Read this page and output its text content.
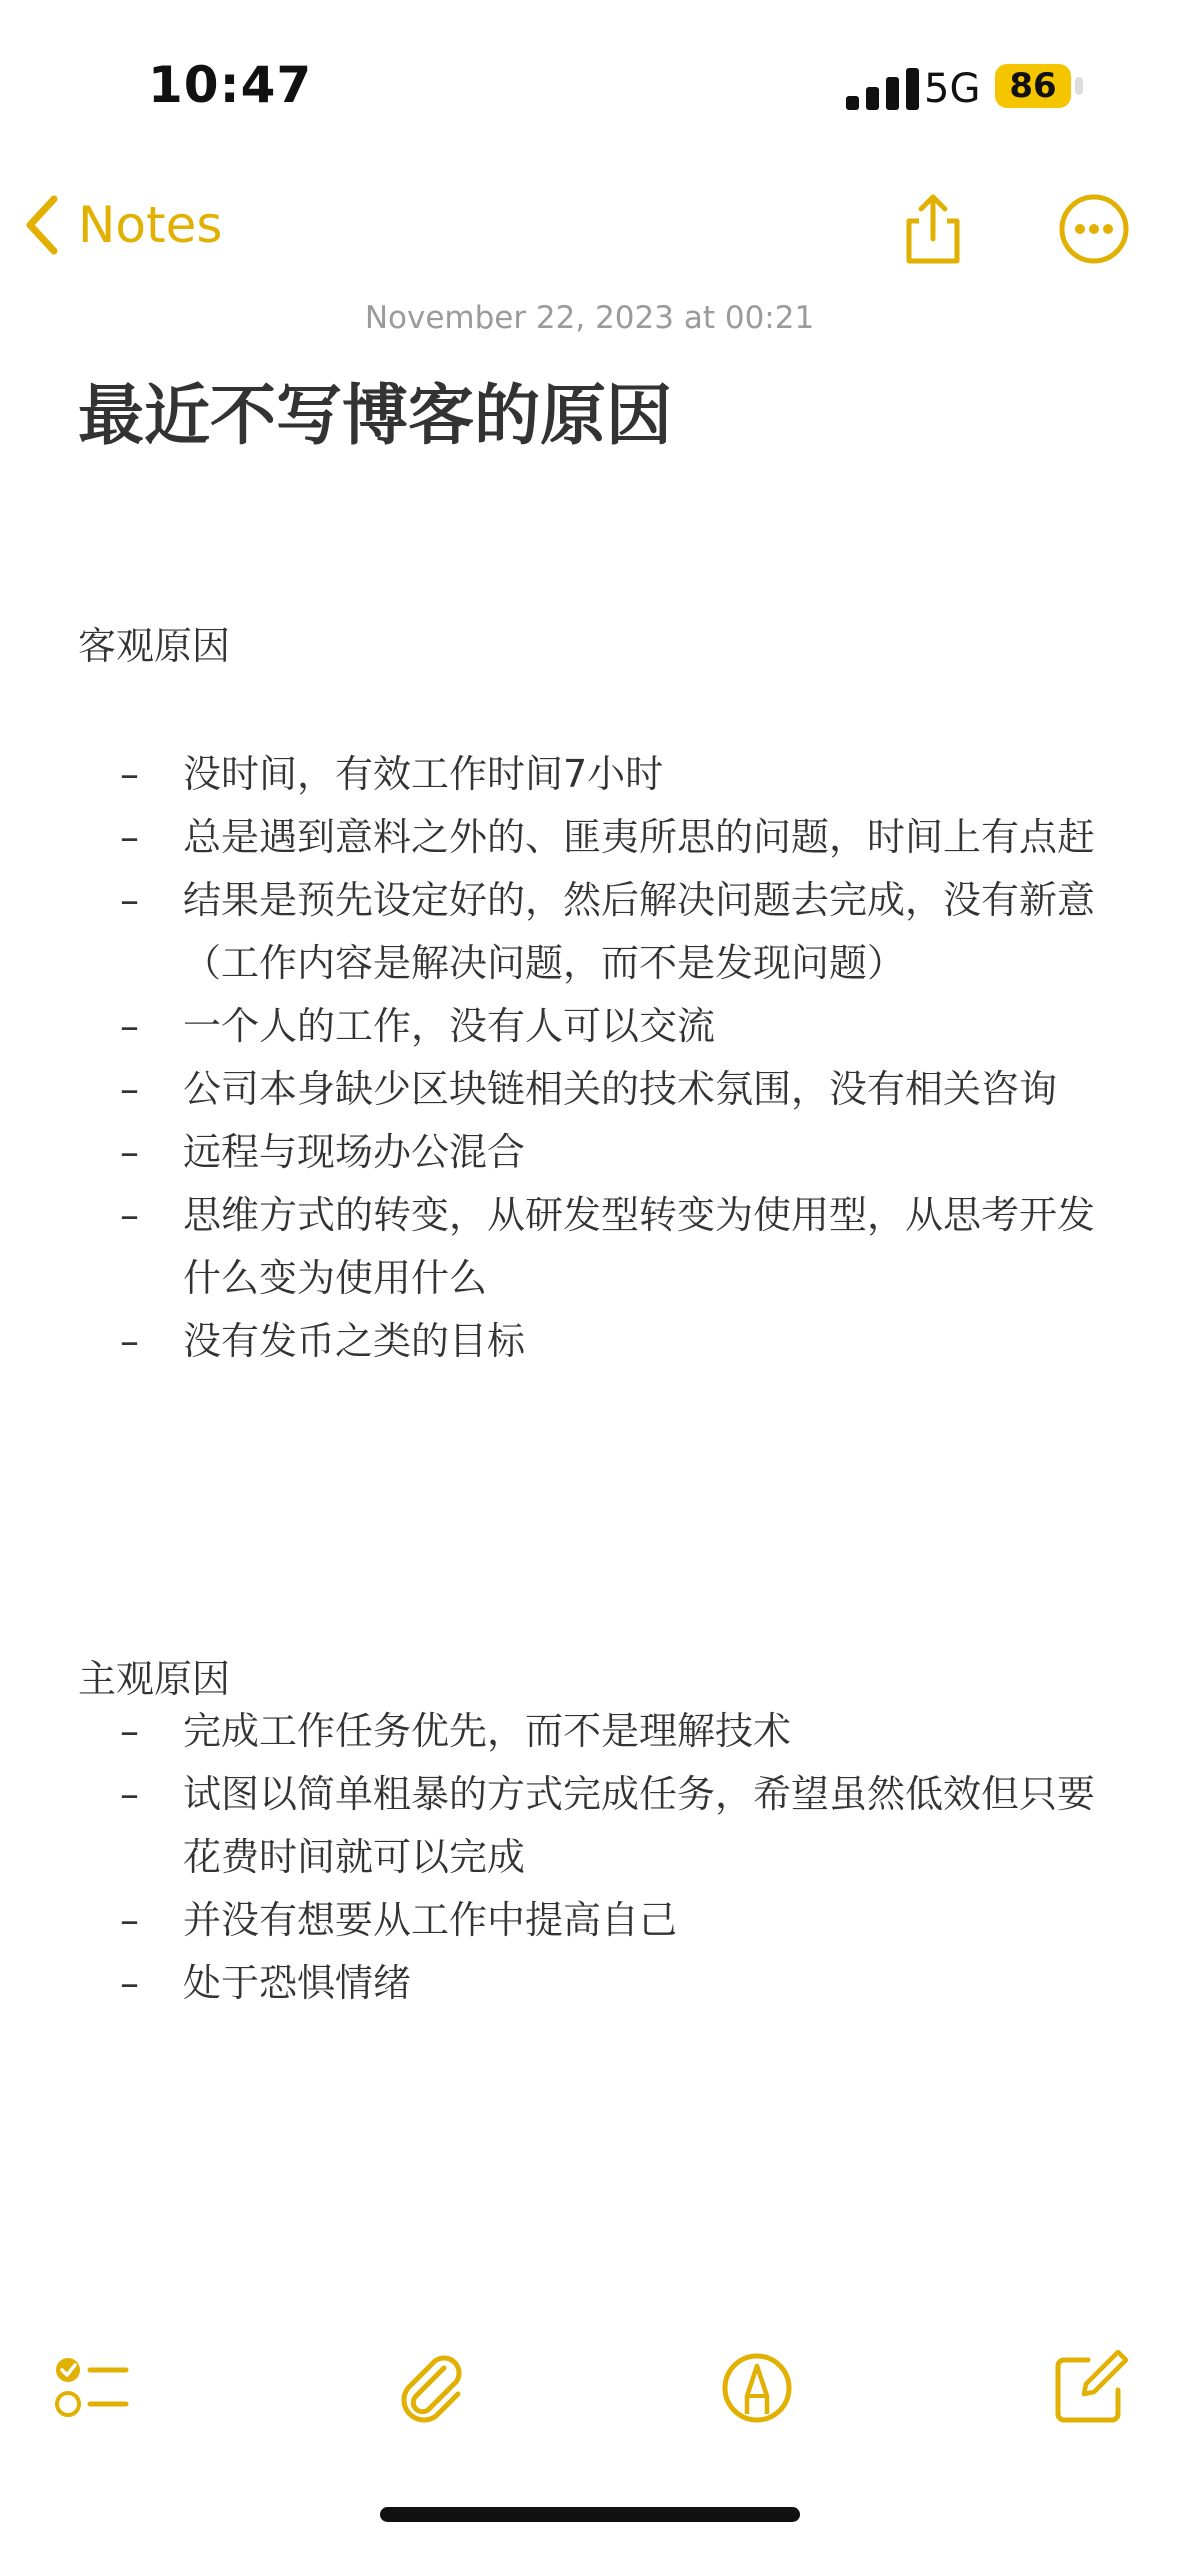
10:47	5G 86
Notes
November 22, 2023 at 00:21
最近不写博客的原因
客观原因
– 没时间，有效工作时间7小时
– 总是遇到意料之外的、匪夷所思的问题，时间上有点赶
– 结果是预先设定好的，然后解决问题去完成，没有新意（工作内容是解决问题，而不是发现问题）
– 一个人的工作，没有人可以交流
– 公司本身缺少区块链相关的技术氛围，没有相关咨询
– 远程与现场办公混合
– 思维方式的转变，从研发型转变为使用型，从思考开发什么变为使用什么
– 没有发币之类的目标
主观原因
– 完成工作任务优先，而不是理解技术
– 试图以简单粗暴的方式完成任务，希望虽然低效但只要花费时间就可以完成
– 并没有想要从工作中提高自己
– 处于恐惧情绪
